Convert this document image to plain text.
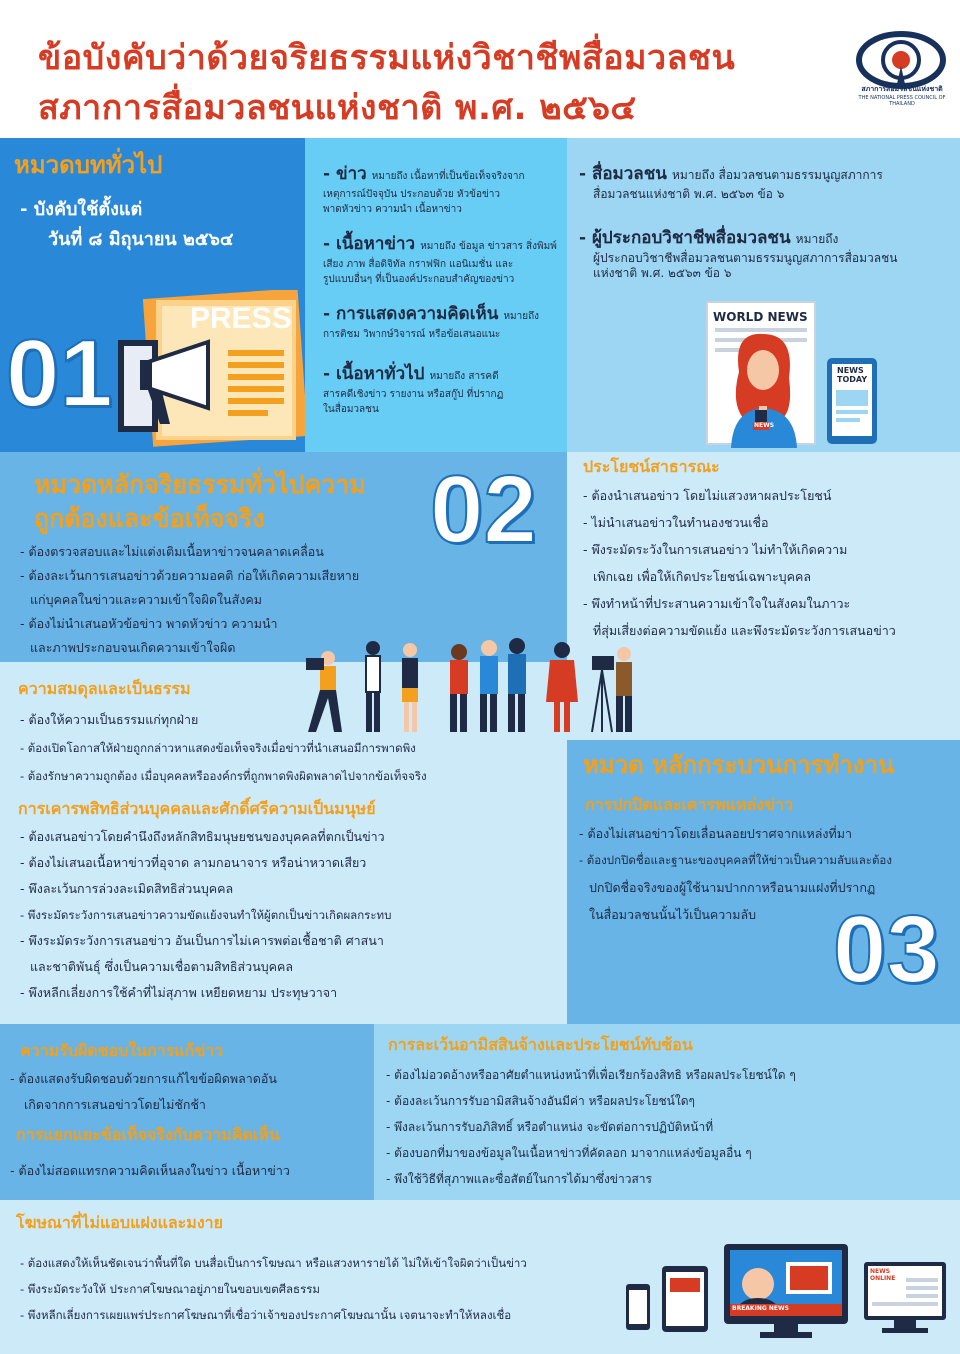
ข้อบังคับว่าด้วยจริยธรรมแห่งวิชาชีพสื่อมวลชน
สภาการสื่อมวลชนแห่งชาติ พ.ศ. ๒๕๖๔	สภาการสื่อมวลชนแห่งชาติ
THE NATIONAL PRESS COUNCIL OF THAILAND
หมวดบททั่วไป
- บังคับใช้ตั้งแต่
วันที่ ๘ มิถุนายน ๒๕๖๔
01
PRESS
- ข่าว หมายถึง เนื้อหาที่เป็นข้อเท็จจริงจาก
เหตุการณ์ปัจจุบัน ประกอบด้วย หัวข้อข่าว
พาดหัวข่าว ความนำ เนื้อหาข่าว
- เนื้อหาข่าว หมายถึง ข้อมูล ข่าวสาร สิ่งพิมพ์
เสียง ภาพ สื่อดิจิทัล กราฟฟิก แอนิเมชั่น และ
รูปแบบอื่นๆ ที่เป็นองค์ประกอบสำคัญของข่าว
- การแสดงความคิดเห็น หมายถึง
การติชม วิพากษ์วิจารณ์ หรือข้อเสนอแนะ
- เนื้อหาทั่วไป หมายถึง สารคดี
สารคดีเชิงข่าว รายงาน หรือสกู๊ป ที่ปรากฏ
ในสื่อมวลชน
- สื่อมวลชน หมายถึง สื่อมวลชนตามธรรมนูญสภาการ
สื่อมวลชนแห่งชาติ พ.ศ. ๒๕๖๓ ข้อ ๖
- ผู้ประกอบวิชาชีพสื่อมวลชน หมายถึง
ผู้ประกอบวิชาชีพสื่อมวลชนตามธรรมนูญสภาการสื่อมวลชน
แห่งชาติ พ.ศ. ๒๕๖๓ ข้อ ๖
WORLD NEWS
NEWS TODAY
NEWS
หมวดหลักจริยธรรมทั่วไปความ
ถูกต้องและข้อเท็จจริง 02
- ต้องตรวจสอบและไม่แต่งเติมเนื้อหาข่าวจนคลาดเคลื่อน
- ต้องละเว้นการเสนอข่าวด้วยความอคติ ก่อให้เกิดความเสียหาย
แก่บุคคลในข่าวและความเข้าใจผิดในสังคม
- ต้องไม่นำเสนอหัวข้อข่าว พาดหัวข่าว ความนำ
และภาพประกอบจนเกิดความเข้าใจผิด
ประโยชน์สาธารณะ
- ต้องนำเสนอข่าว โดยไม่แสวงหาผลประโยชน์
- ไม่นำเสนอข่าวในทำนองชวนเชื่อ
- พึงระมัดระวังในการเสนอข่าว ไม่ทำให้เกิดความ
เพิกเฉย เพื่อให้เกิดประโยชน์เฉพาะบุคคล
- พึงทำหน้าที่ประสานความเข้าใจในสังคมในภาวะ
ที่สุ่มเสี่ยงต่อความขัดแย้ง และพึงระมัดระวังการเสนอข่าว
ความสมดุลและเป็นธรรม
- ต้องให้ความเป็นธรรมแก่ทุกฝ่าย
- ต้องเปิดโอกาสให้ฝ่ายถูกกล่าวหาแสดงข้อเท็จจริงเมื่อข่าวที่นำเสนอมีการพาดพิง
- ต้องรักษาความถูกต้อง เมื่อบุคคลหรือองค์กรที่ถูกพาดพิงผิดพลาดไปจากข้อเท็จจริง
การเคารพสิทธิส่วนบุคคลและศักดิ์ศรีความเป็นมนุษย์
- ต้องเสนอข่าวโดยคำนึงถึงหลักสิทธิมนุษยชนของบุคคลที่ตกเป็นข่าว
- ต้องไม่เสนอเนื้อหาข่าวที่อุจาด ลามกอนาจาร หรือน่าหวาดเสียว
- พึงละเว้นการล่วงละเมิดสิทธิส่วนบุคคล
- พึงระมัดระวังการเสนอข่าวความขัดแย้งจนทำให้ผู้ตกเป็นข่าวเกิดผลกระทบ
- พึงระมัดระวังการเสนอข่าว อันเป็นการไม่เคารพต่อเชื้อชาติ ศาสนา
และชาติพันธุ์ ซึ่งเป็นความเชื่อตามสิทธิส่วนบุคคล
- พึงหลีกเลี่ยงการใช้คำที่ไม่สุภาพ เหยียดหยาม ประทุษวาจา
หมวด หลักกระบวนการทำงาน
การปกปิดและเคารพแหล่งข่าว
- ต้องไม่เสนอข่าวโดยเลื่อนลอยปราศจากแหล่งที่มา
- ต้องปกปิดชื่อและฐานะของบุคคลที่ให้ข่าวเป็นความลับและต้อง
ปกปิดชื่อจริงของผู้ใช้นามปากกาหรือนามแฝงที่ปรากฏ
ในสื่อมวลชนนั้นไว้เป็นความลับ 03
ความรับผิดชอบในการแก้ข่าว
- ต้องแสดงรับผิดชอบด้วยการแก้ไขข้อผิดพลาดอัน
เกิดจากการเสนอข่าวโดยไม่ชักช้า
การแยกแยะข้อเท็จจริงกับความคิดเห็น
- ต้องไม่สอดแทรกความคิดเห็นลงในข่าว เนื้อหาข่าว
การละเว้นอามิสสินจ้างและประโยชน์ทับซ้อน
- ต้องไม่อวดอ้างหรืออาศัยตำแหน่งหน้าที่เพื่อเรียกร้องสิทธิ หรือผลประโยชน์ใด ๆ
- ต้องละเว้นการรับอามิสสินจ้างอันมีค่า หรือผลประโยชน์ใดๆ
- พึงละเว้นการรับอภิสิทธิ์ หรือตำแหน่ง จะขัดต่อการปฏิบัติหน้าที่
- ต้องบอกที่มาของข้อมูลในเนื้อหาข่าวที่คัดลอก มาจากแหล่งข้อมูลอื่น ๆ
- พึงใช้วิธีที่สุภาพและซื่อสัตย์ในการได้มาซึ่งข่าวสาร
โฆษณาที่ไม่แอบแฝงและมงาย
- ต้องแสดงให้เห็นชัดเจนว่าพื้นที่ใด บนสื่อเป็นการโฆษณา หรือแสวงหารายได้ ไม่ให้เข้าใจผิดว่าเป็นข่าว
- พึงระมัดระวังให้ ประกาศโฆษณาอยู่ภายในขอบเขตศีลธรรม
- พึงหลีกเลี่ยงการเผยแพร่ประกาศโฆษณาที่เชื่อว่าเจ้าของประกาศโฆษณานั้น เจตนาจะทำให้หลงเชื่อ	BREAKING NEWS
NEWS ONLINE
